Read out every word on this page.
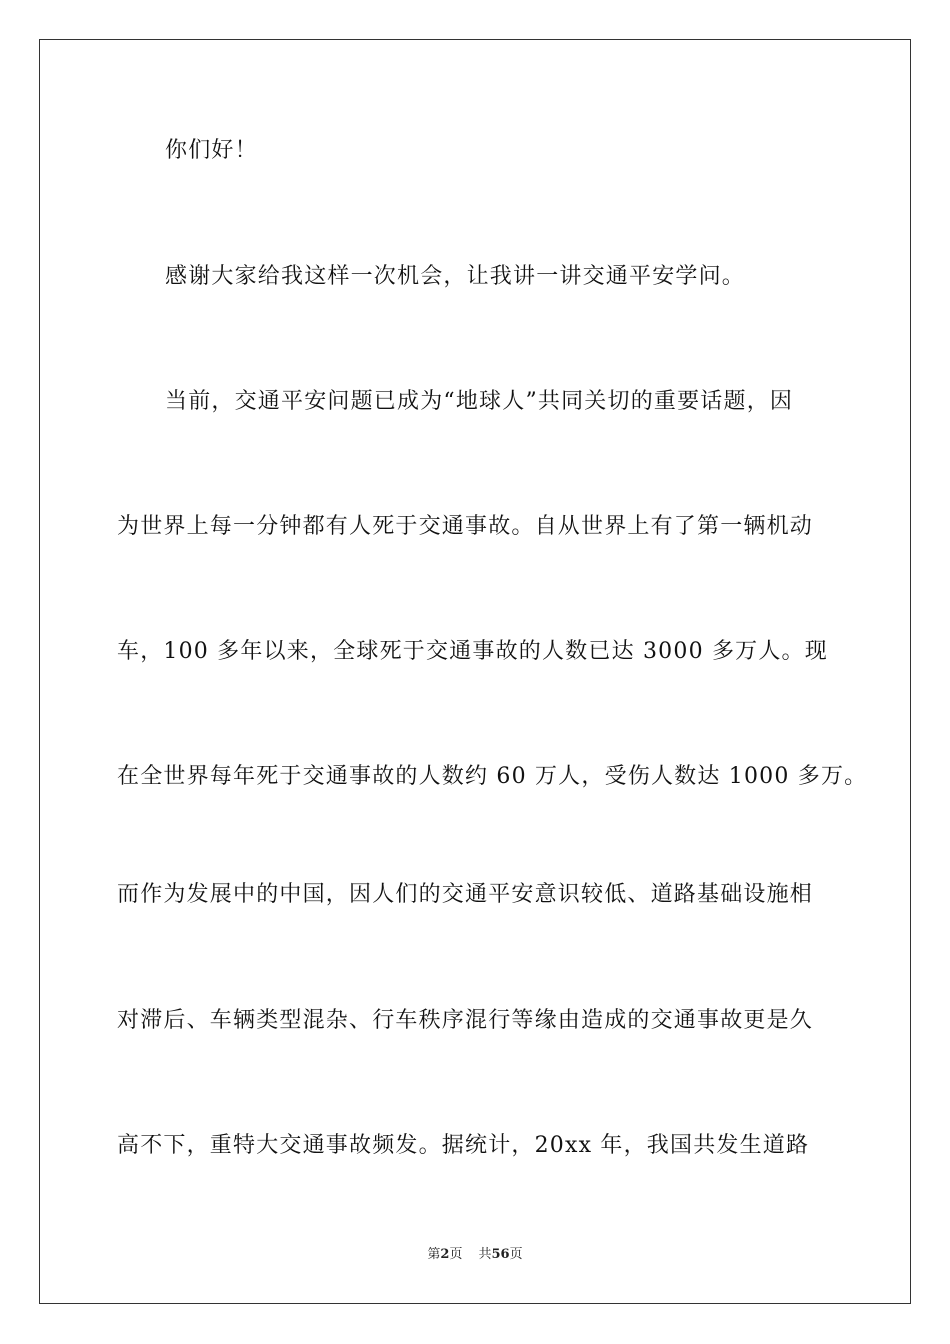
你们好！
感谢大家给我这样一次机会，让我讲一讲交通平安学问。
当前，交通平安问题已成为“地球人”共同关切的重要话题，因
为世界上每一分钟都有人死于交通事故。自从世界上有了第一辆机动
车，100 多年以来，全球死于交通事故的人数已达 3000 多万人。现
在全世界每年死于交通事故的人数约 60 万人，受伤人数达 1000 多万。
而作为发展中的中国，因人们的交通平安意识较低、道路基础设施相
对滞后、车辆类型混杂、行车秩序混行等缘由造成的交通事故更是久
高不下，重特大交通事故频发。据统计，20xx 年，我国共发生道路
第2页 共56页
